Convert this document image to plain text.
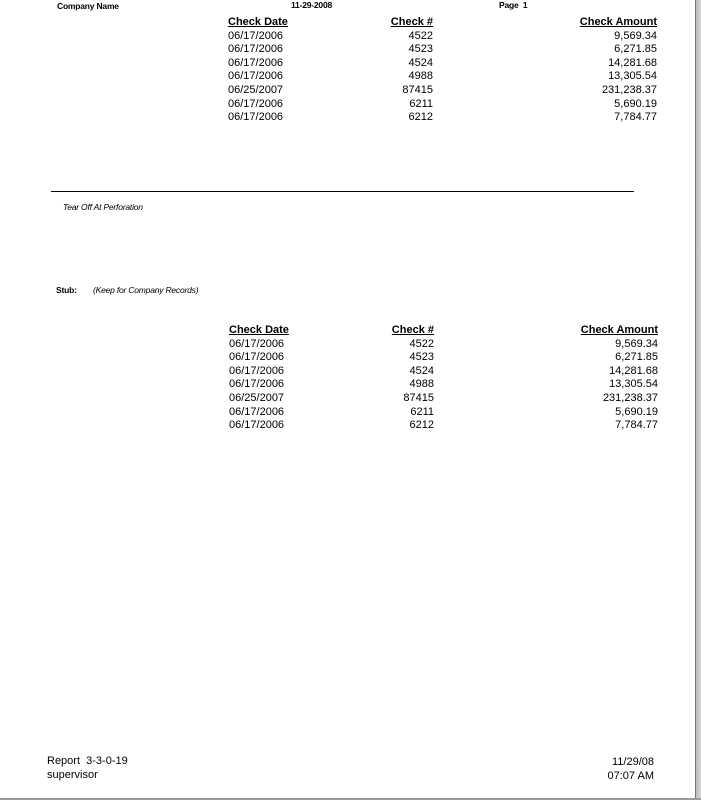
Company Name	11-29-2008	Page 1
Check Date
06/17/2006
06/17/2006
06/17/2006
06/17/2006
06/25/2007
06/17/2006
06/17/2006
Check #
4522
4523
4524
4988
87415
6211
6212
Check Amount
9,569.34
6,271.85
14,281.68
13,305.54
231,238.37
5,690.19
7,784.77
Tear Off At Perforation
Stub: (Keep for Company Records)
Check Date
06/17/2006
06/17/2006
06/17/2006
06/17/2006
06/25/2007
06/17/2006
06/17/2006
Check #
4522
4523
4524
4988
87415
6211
6212
Check Amount
9,569.34
6,271.85
14,281.68
13,305.54
231,238.37
5,690.19
7,784.77
Report  3-3-0-19
supervisor
11/29/08
07:07 AM
